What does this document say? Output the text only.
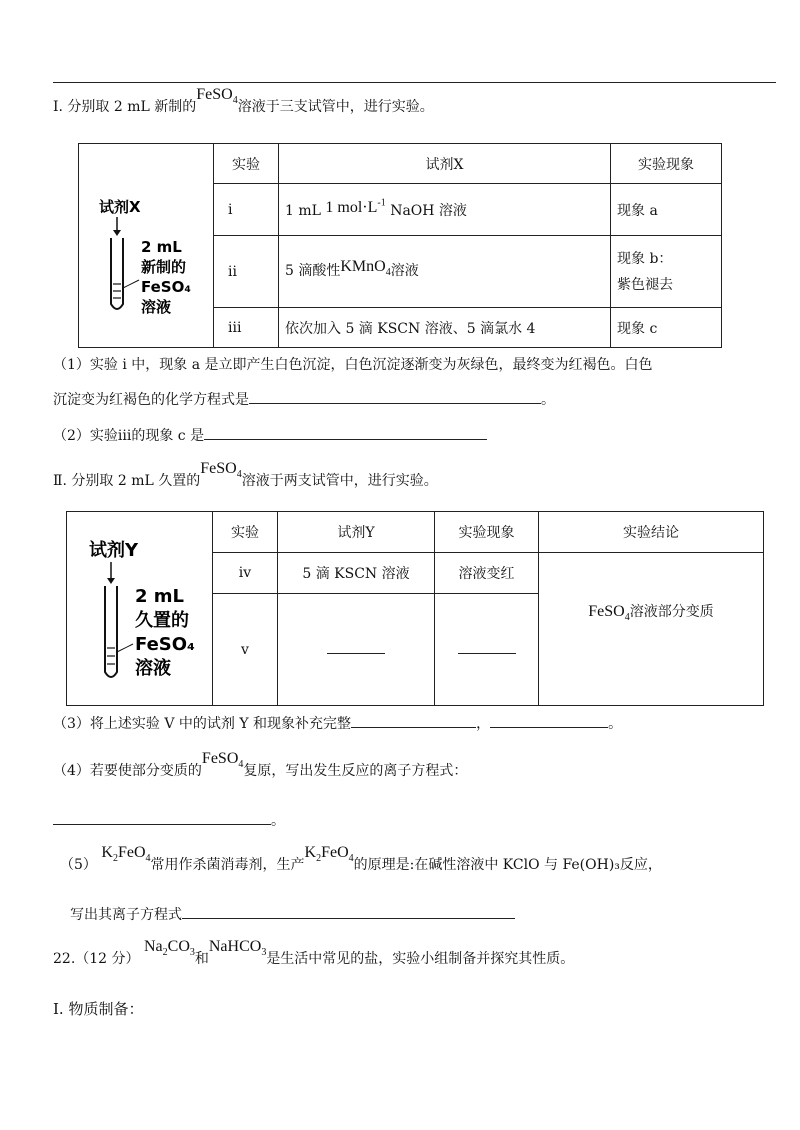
Ⅰ. 分别取 2 mL 新制的FeSO$_4$溶液于三支试管中，进行实验。
试剂X
2 mL
新制的
FeSO₄
溶液	实验	试剂X	实验现象
	i	1 mL 1 $mol\cdot L^{-1}$ NaOH 溶液	现象 a
	ii	5 滴酸性KMnO$_4$溶液	现象 b：
紫色褪去

	iii	依次加入 5 滴 KSCN 溶液、5 滴氯水 4	现象 c
（1）实验 i 中，现象 a 是立即产生白色沉淀，白色沉淀逐渐变为灰绿色，最终变为红褐色。白色
沉淀变为红褐色的化学方程式是	。
（2）实验iii的现象 c 是
Ⅱ. 分别取 2 mL 久置的FeSO$_4$溶液于两支试管中，进行实验。
试剂Y
2 mL
久置的
FeSO₄
溶液	实验	试剂Y	实验现象	实验结论
	iv	5 滴 KSCN 溶液	溶液变红	FeSO$_4$溶液部分变质
	v			
（3）将上述实验 V 中的试剂 Y 和现象补充完整	，	。
（4）若要使部分变质的FeSO$_4$复原，写出发生反应的离子方程式：
。
（5） $K_2FeO_4$常用作杀菌消毒剂，生产$K_2FeO_4$的原理是:在碱性溶液中 KClO 与 Fe(OH)₃反应，
写出其离子方程式
22.（12 分） $Na_2CO_3$和NaHCO$_3$是生活中常见的盐，实验小组制备并探究其性质。
Ⅰ. 物质制备：
